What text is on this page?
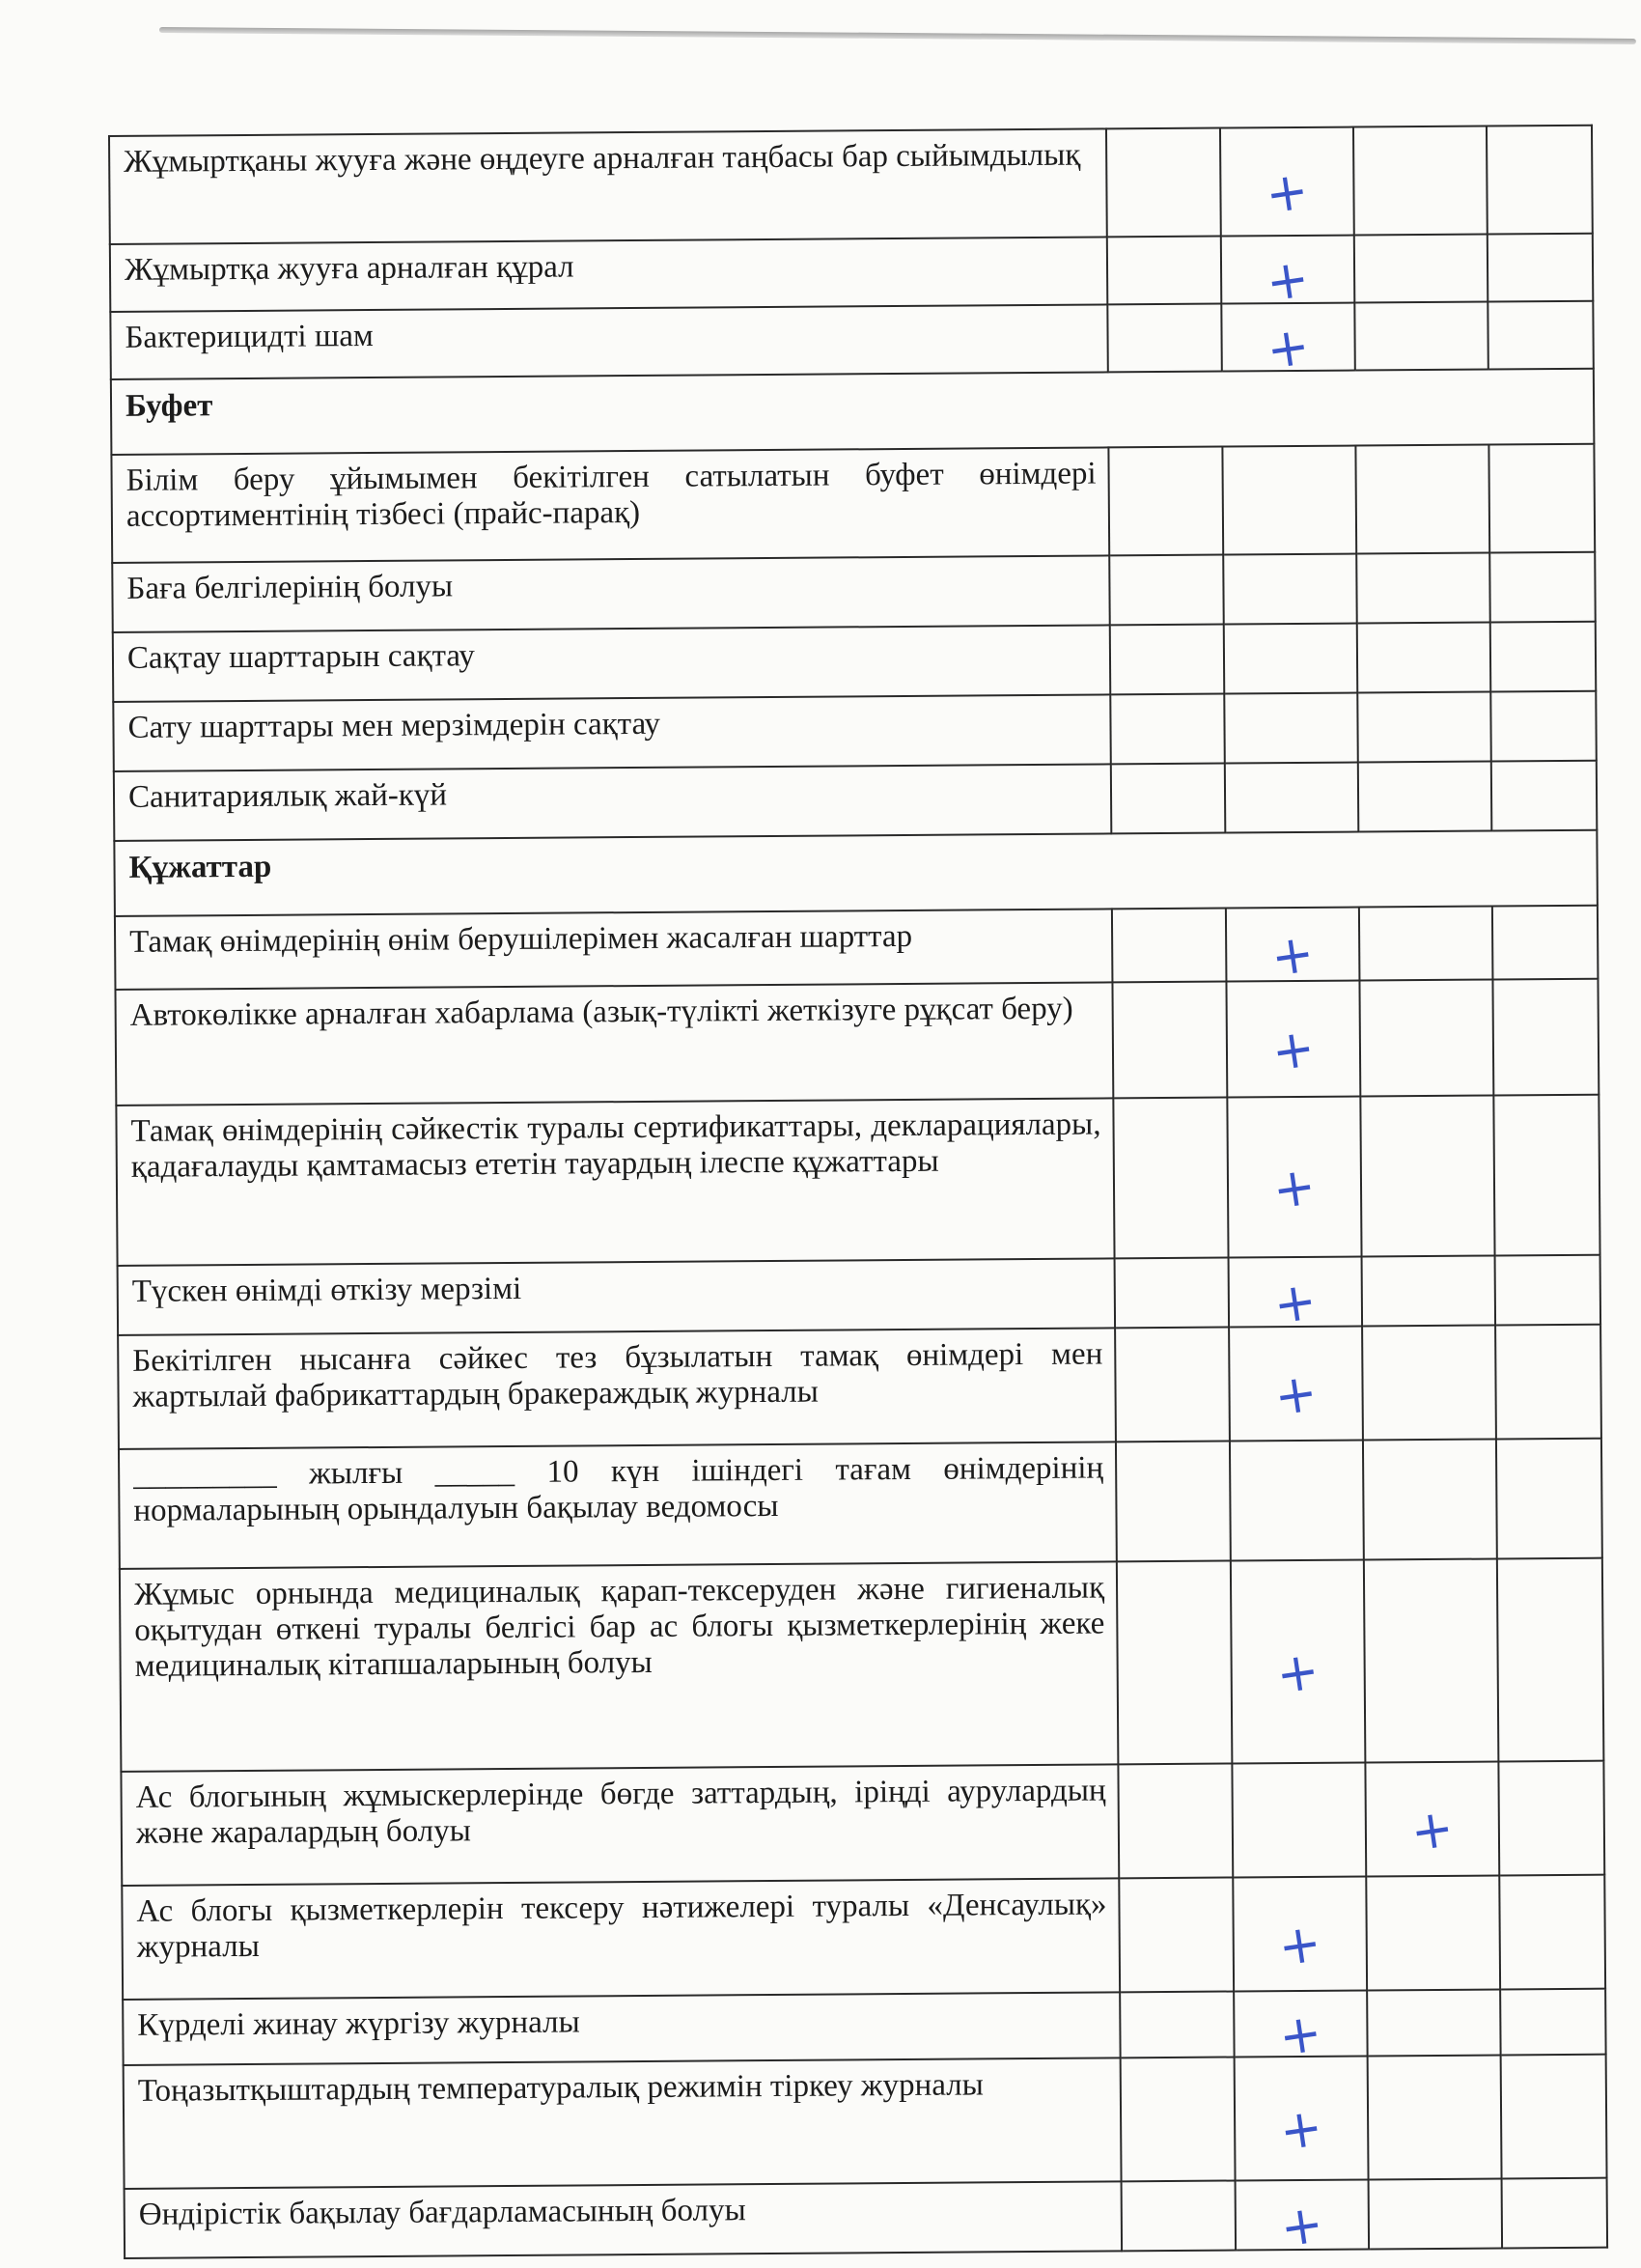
Жұмыртқаны жууға және өңдеуге арналған таңбасы бар сыйымдылық		+		
Жұмыртқа жууға арналған құрал		+		
Бактерицидті шам		+		
Буфет				
Білім беру ұйымымен бекітілген сатылатын буфет өнімдері ассортиментінің тізбесі (прайс-парақ)				
Баға белгілерінің болуы				
Сақтау шарттарын сақтау				
Сату шарттары мен мерзімдерін сақтау				
Санитариялық жай-күй				
Құжаттар				
Тамақ өнімдерінің өнім берушілерімен жасалған шарттар		+		
Автокөлікке арналған хабарлама (азық-түлікті жеткізуге рұқсат беру)		+		
Тамақ өнімдерінің сәйкестік туралы сертификаттары, декларациялары, қадағалауды қамтамасыз ететін тауардың ілеспе құжаттары		+		
Түскен өнімді өткізу мерзімі		+		
Бекітілген нысанға сәйкес тез бұзылатын тамақ өнімдері мен жартылай фабрикаттардың бракераждық журналы		+		
_________ жылғы _____ 10 күн ішіндегі тағам өнімдерінің нормаларының орындалуын бақылау ведомосы				
Жұмыс орнында медициналық қарап-тексеруден және гигиеналық оқытудан өткені туралы белгісі бар ас блогы қызметкерлерінің жеке медициналық кітапшаларының болуы		+		
Ас блогының жұмыскерлерінде бөгде заттардың, іріңді аурулардың және жаралардың болуы			+	
Ас блогы қызметкерлерін тексеру нәтижелері туралы «Денсаулық» журналы		+		
Күрделі жинау жүргізу журналы		+		
Тоңазытқыштардың температуралық режимін тіркеу журналы		+		
Өндірістік бақылау бағдарламасының болуы		+		
